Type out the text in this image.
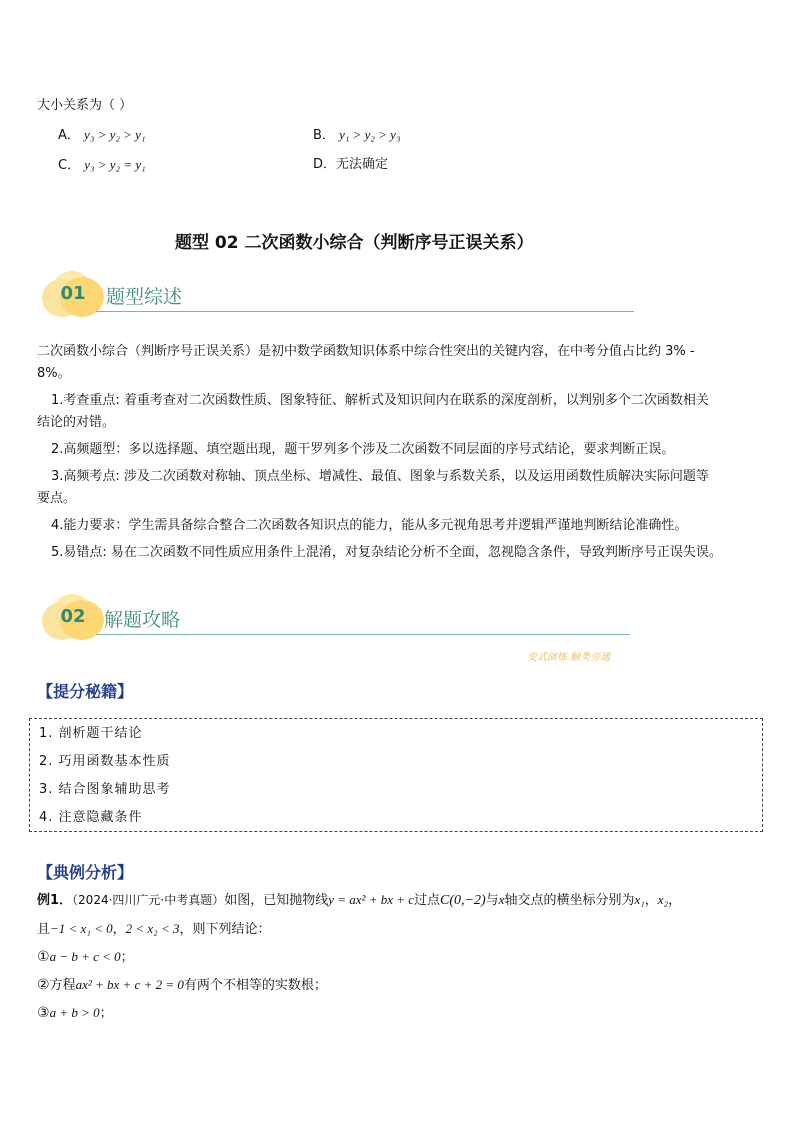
大小关系为（ ）
A． y₃ > y₂ > y₁	B． y₁ > y₂ > y₃
C． y₃ > y₂ = y₁	D．无法确定
题型 02 二次函数小综合（判断序号正误关系）
01	题型综述
二次函数小综合（判断序号正误关系）是初中数学函数知识体系中综合性突出的关键内容，在中考分值占比约 3% -
8%。
1.考查重点: 着重考查对二次函数性质、图象特征、解析式及知识间内在联系的深度剖析，以判别多个二次函数相关
结论的对错。
2.高频题型：多以选择题、填空题出现，题干罗列多个涉及二次函数不同层面的序号式结论，要求判断正误。
3.高频考点: 涉及二次函数对称轴、顶点坐标、增减性、最值、图象与系数关系，以及运用函数性质解决实际问题等
要点。
4.能力要求：学生需具备综合整合二次函数各知识点的能力，能从多元视角思考并逻辑严谨地判断结论准确性。
5.易错点: 易在二次函数不同性质应用条件上混淆，对复杂结论分析不全面，忽视隐含条件，导致判断序号正误失误。
02 解题攻略
变式演练 触类旁通
【提分秘籍】
1. 剖析题干结论
2. 巧用函数基本性质
3. 结合图象辅助思考
4. 注意隐藏条件
【典例分析】
例1．（2024·四川广元·中考真题）如图，已知抛物线y = ax² + bx + c过点C(0,−2)与x轴交点的横坐标分别为x₁，x₂，
且−1 < x₁ < 0，2 < x₂ < 3，则下列结论：
①a − b + c < 0；
②方程ax² + bx + c + 2 = 0有两个不相等的实数根；
③a + b > 0；
